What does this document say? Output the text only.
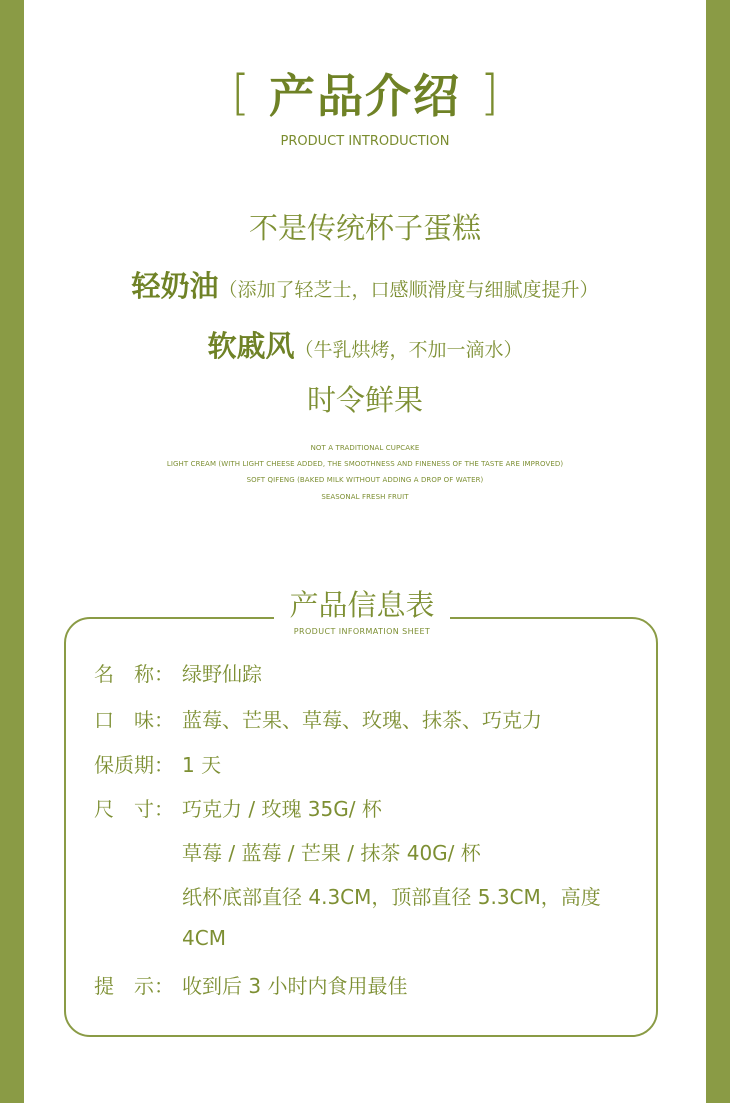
[ 产品介绍 ]
PRODUCT INTRODUCTION
不是传统杯子蛋糕
轻奶油（添加了轻芝士，口感顺滑度与细腻度提升）
软戚风（牛乳烘烤，不加一滴水）
时令鲜果
NOT A TRADITIONAL CUPCAKE
LIGHT CREAM (WITH LIGHT CHEESE ADDED, THE SMOOTHNESS AND FINENESS OF THE TASTE ARE IMPROVED)
SOFT QIFENG (BAKED MILK WITHOUT ADDING A DROP OF WATER)
SEASONAL FRESH FRUIT
产品信息表
PRODUCT INFORMATION SHEET
名　称： 绿野仙踪
口　味： 蓝莓、芒果、草莓、玫瑰、抹茶、巧克力
保质期： 1 天
尺　寸： 巧克力 / 玫瑰 35G/ 杯
草莓 / 蓝莓 / 芒果 / 抹茶 40G/ 杯
纸杯底部直径 4.3CM，顶部直径 5.3CM，高度
4CM
提　示： 收到后 3 小时内食用最佳
